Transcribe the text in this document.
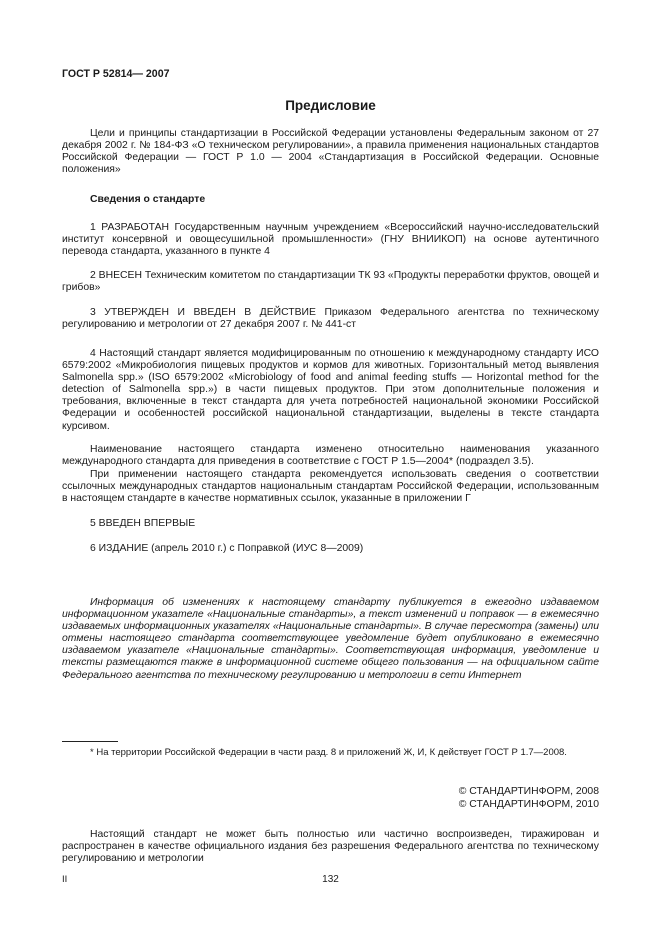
ГОСТ Р 52814— 2007
Предисловие
Цели и принципы стандартизации в Российской Федерации установлены Федеральным законом от 27 декабря 2002 г. № 184-ФЗ «О техническом регулировании», а правила применения национальных стандартов Российской Федерации — ГОСТ Р 1.0 — 2004 «Стандартизация в Российской Федерации. Основные положения»
Сведения о стандарте
1 РАЗРАБОТАН Государственным научным учреждением «Всероссийский научно-исследовательский институт консервной и овощесушильной промышленности» (ГНУ ВНИИКОП) на основе аутентичного перевода стандарта, указанного в пункте 4
2 ВНЕСЕН Техническим комитетом по стандартизации ТК 93 «Продукты переработки фруктов, овощей и грибов»
3 УТВЕРЖДЕН И ВВЕДЕН В ДЕЙСТВИЕ Приказом Федерального агентства по техническому регулированию и метрологии от 27 декабря 2007 г. № 441-ст
4 Настоящий стандарт является модифицированным по отношению к международному стандарту ИСО 6579:2002 «Микробиология пищевых продуктов и кормов для животных. Горизонтальный метод выявления Salmonella spp.» (ISO 6579:2002 «Microbiology of food and animal feeding stuffs — Horizontal method for the detection of Salmonella spp.») в части пищевых продуктов. При этом дополнительные положения и требования, включенные в текст стандарта для учета потребностей национальной экономики Российской Федерации и особенностей российской национальной стандартизации, выделены в тексте стандарта курсивом.
Наименование настоящего стандарта изменено относительно наименования указанного международного стандарта для приведения в соответствие с ГОСТ Р 1.5—2004* (подраздел 3.5).
При применении настоящего стандарта рекомендуется использовать сведения о соответствии ссылочных международных стандартов национальным стандартам Российской Федерации, использованным в настоящем стандарте в качестве нормативных ссылок, указанные в приложении Г
5 ВВЕДЕН ВПЕРВЫЕ
6 ИЗДАНИЕ (апрель 2010 г.) с Поправкой (ИУС 8—2009)
Информация об изменениях к настоящему стандарту публикуется в ежегодно издаваемом информационном указателе «Национальные стандарты», а текст изменений и поправок — в ежемесячно издаваемых информационных указателях «Национальные стандарты». В случае пересмотра (замены) или отмены настоящего стандарта соответствующее уведомление будет опубликовано в ежемесячно издаваемом указателе «Национальные стандарты». Соответствующая информация, уведомление и тексты размещаются также в информационной системе общего пользования — на официальном сайте Федерального агентства по техническому регулированию и метрологии в сети Интернет
* На территории Российской Федерации в части разд. 8 и приложений Ж, И, К действует ГОСТ Р 1.7—2008.
© СТАНДАРТИНФОРМ, 2008
© СТАНДАРТИНФОРМ, 2010
Настоящий стандарт не может быть полностью или частично воспроизведен, тиражирован и распространен в качестве официального издания без разрешения Федерального агентства по техническому регулированию и метрологии
II	132
